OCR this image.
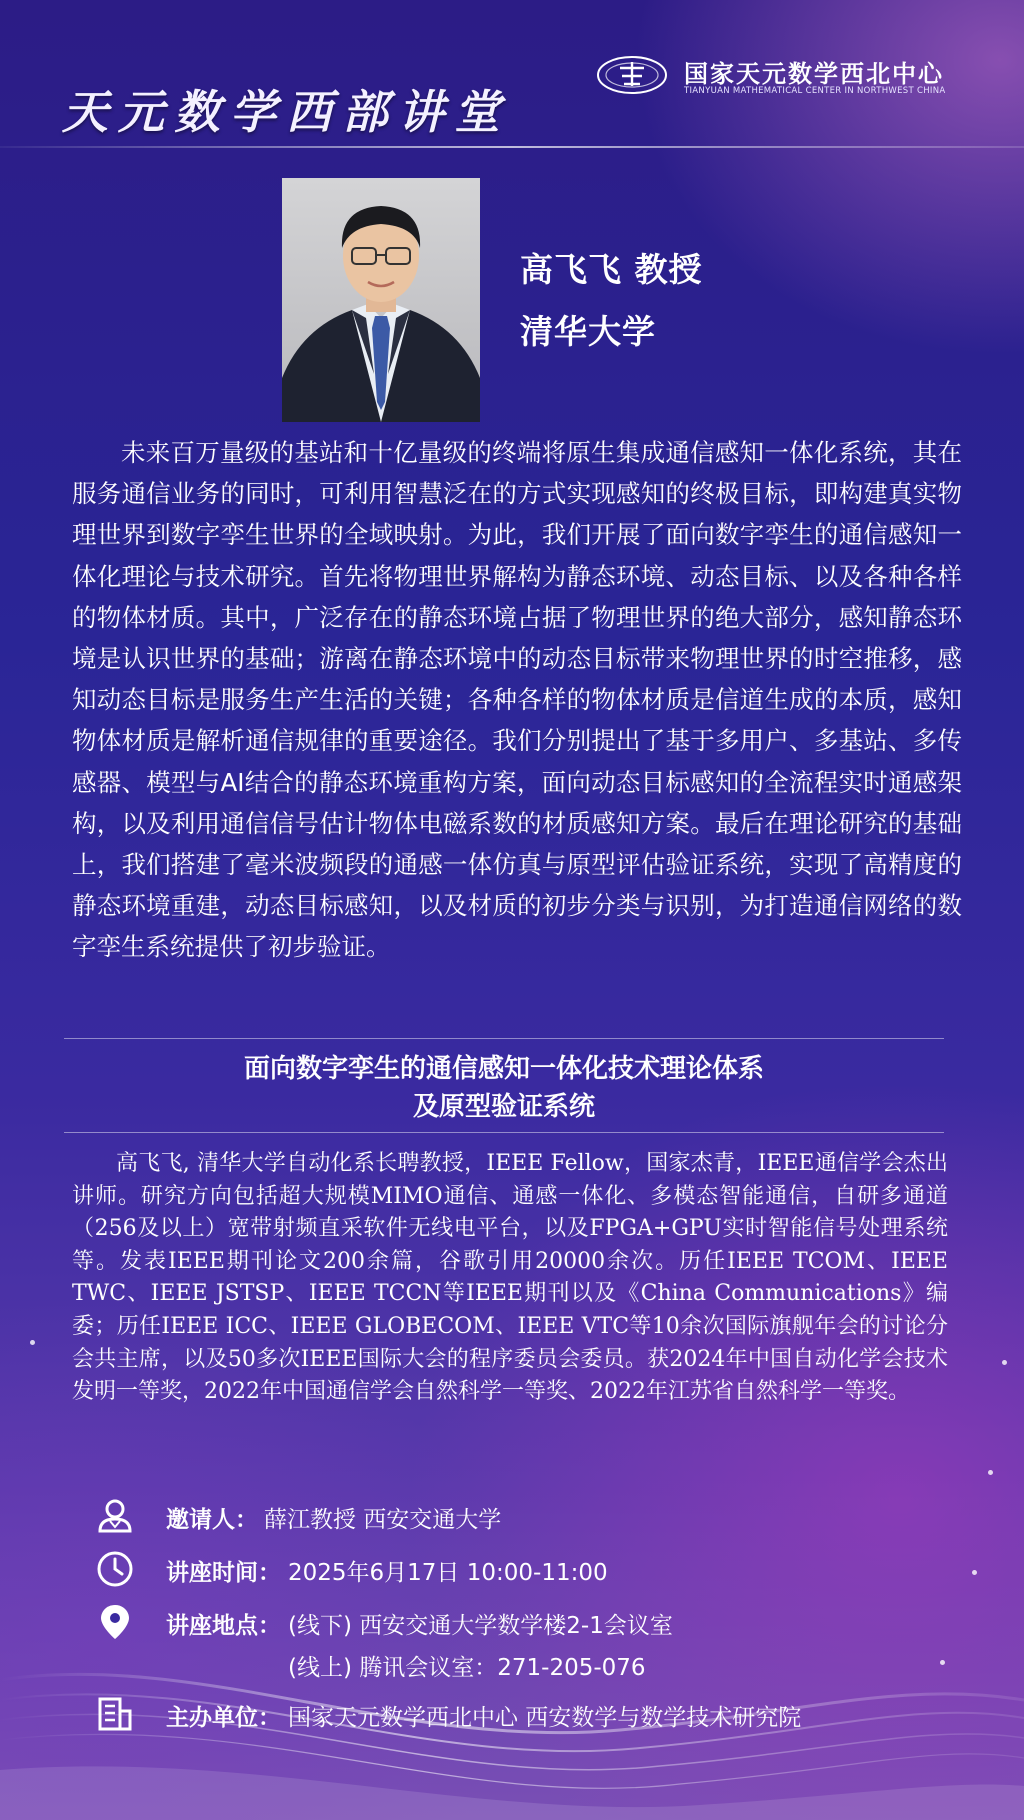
天元数学西部讲堂
国家天元数学西北中心
TIANYUAN MATHEMATICAL CENTER IN NORTHWEST CHINA
高飞飞 教授
清华大学

未来百万量级的基站和十亿量级的终端将原生集成通信感知一体化系统，其在服务通信业务的同时，可利用智慧泛在的方式实现感知的终极目标，即构建真实物理世界到数字孪生世界的全域映射。为此，我们开展了面向数字孪生的通信感知一体化理论与技术研究。首先将物理世界解构为静态环境、动态目标、以及各种各样的物体材质。其中，广泛存在的静态环境占据了物理世界的绝大部分，感知静态环境是认识世界的基础；游离在静态环境中的动态目标带来物理世界的时空推移，感知动态目标是服务生产生活的关键；各种各样的物体材质是信道生成的本质，感知物体材质是解析通信规律的重要途径。我们分别提出了基于多用户、多基站、多传感器、模型与AI结合的静态环境重构方案，面向动态目标感知的全流程实时通感架构，以及利用通信信号估计物体电磁系数的材质感知方案。最后在理论研究的基础上，我们搭建了毫米波频段的通感一体仿真与原型评估验证系统，实现了高精度的静态环境重建，动态目标感知，以及材质的初步分类与识别，为打造通信网络的数字孪生系统提供了初步验证。

面向数字孪生的通信感知一体化技术理论体系
及原型验证系统

高飞飞, 清华大学自动化系长聘教授，IEEE Fellow，国家杰青，IEEE通信学会杰出讲师。研究方向包括超大规模MIMO通信、通感一体化、多模态智能通信，自研多通道（256及以上）宽带射频直采软件无线电平台，以及FPGA+GPU实时智能信号处理系统等。发表IEEE期刊论文200余篇，谷歌引用20000余次。历任IEEE TCOM、IEEE TWC、IEEE JSTSP、IEEE TCCN等IEEE期刊以及《China Communications》编委；历任IEEE ICC、IEEE GLOBECOM、IEEE VTC等10余次国际旗舰年会的讨论分会共主席，以及50多次IEEE国际大会的程序委员会委员。获2024年中国自动化学会技术发明一等奖，2022年中国通信学会自然科学一等奖、2022年江苏省自然科学一等奖。

邀请人： 薛江教授 西安交通大学
讲座时间： 2025年6月17日 10:00-11:00
讲座地点： (线下) 西安交通大学数学楼2-1会议室
(线上) 腾讯会议室：271-205-076
主办单位： 国家天元数学西北中心 西安数学与数学技术研究院
